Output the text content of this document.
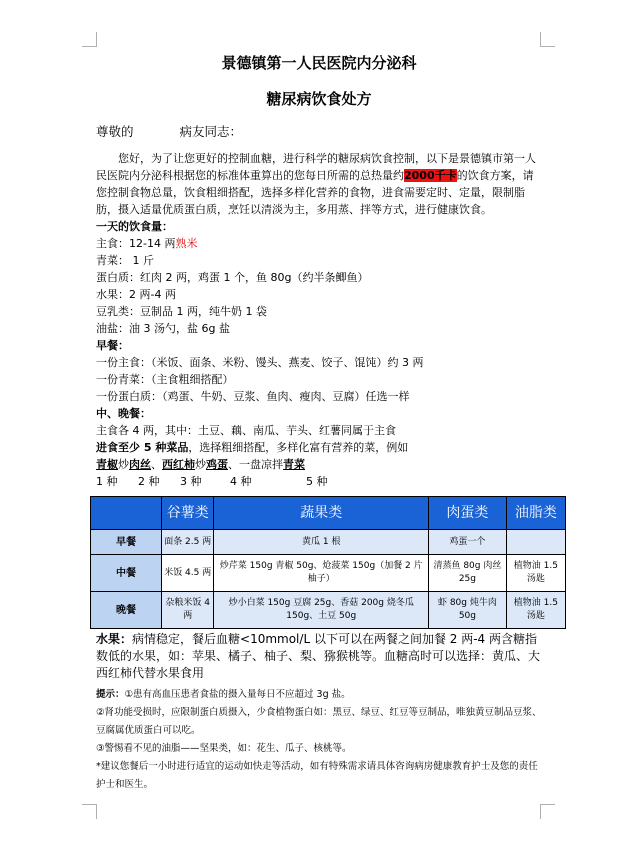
景德镇第一人民医院内分泌科
糖尿病饮食处方
尊敬的	病友同志：
您好，为了让您更好的控制血糖，进行科学的糖尿病饮食控制，以下是景德镇市第一人民医院内分泌科根据您的标准体重算出的您每日所需的总热量约2000千卡的饮食方案，请您控制食物总量，饮食粗细搭配，选择多样化营养的食物，进食需要定时、定量，限制脂肪，摄入适量优质蛋白质，烹饪以清淡为主，多用蒸、拌等方式，进行健康饮食。
一天的饮食量：
主食：12-14 两熟米
青菜： 1 斤
蛋白质：红肉 2 两，鸡蛋 1 个，鱼 80g（约半条鲫鱼）
水果：2 两-4 两
豆乳类：豆制品 1 两，纯牛奶 1 袋
油盐：油 3 汤勺，盐 6g 盐
早餐：
一份主食：（米饭、面条、米粉、馒头、燕麦、饺子、馄饨）约 3 两
一份青菜：（主食粗细搭配）
一份蛋白质：（鸡蛋、牛奶、豆浆、鱼肉、瘦肉、豆腐）任选一样
中、晚餐：
主食各 4 两，其中：土豆、藕、南瓜、芋头、红薯同属于主食
进食至少 5 种菜品，选择粗细搭配，多样化富有营养的菜，例如
青椒炒肉丝、西红柿炒鸡蛋、一盘凉拌青菜
1 种 2 种 3 种	4 种	5 种
	谷薯类	蔬果类	肉蛋类	油脂类
早餐	面条 2.5 两	黄瓜 1 根	鸡蛋一个	
中餐	米饭 4.5 两	炒芹菜 150g 青椒 50g、炝菠菜 150g（加餐 2 片柚子）	清蒸鱼 80g 肉丝 25g	植物油 1.5 汤匙
晚餐	杂粮米饭 4 两	炒小白菜 150g 豆腐 25g、香菇 200g 烧冬瓜 150g、土豆 50g	虾 80g 炖牛肉 50g	植物油 1.5 汤匙
水果：病情稳定，餐后血糖<10mmol/L 以下可以在两餐之间加餐 2 两-4 两含糖指数低的水果，如：苹果、橘子、柚子、梨、猕猴桃等。血糖高时可以选择：黄瓜、大西红柿代替水果食用
提示：①患有高血压患者食盐的摄入量每日不应超过 3g 盐。
②肾功能受损时，应限制蛋白质摄入，少食植物蛋白如：黑豆、绿豆、红豆等豆制品，唯独黄豆制品豆浆、豆腐属优质蛋白可以吃。
③警惕看不见的油脂——坚果类，如：花生、瓜子、核桃等。
*建议您餐后一小时进行适宜的运动如快走等活动，如有特殊需求请具体咨询病房健康教育护士及您的责任护士和医生。
